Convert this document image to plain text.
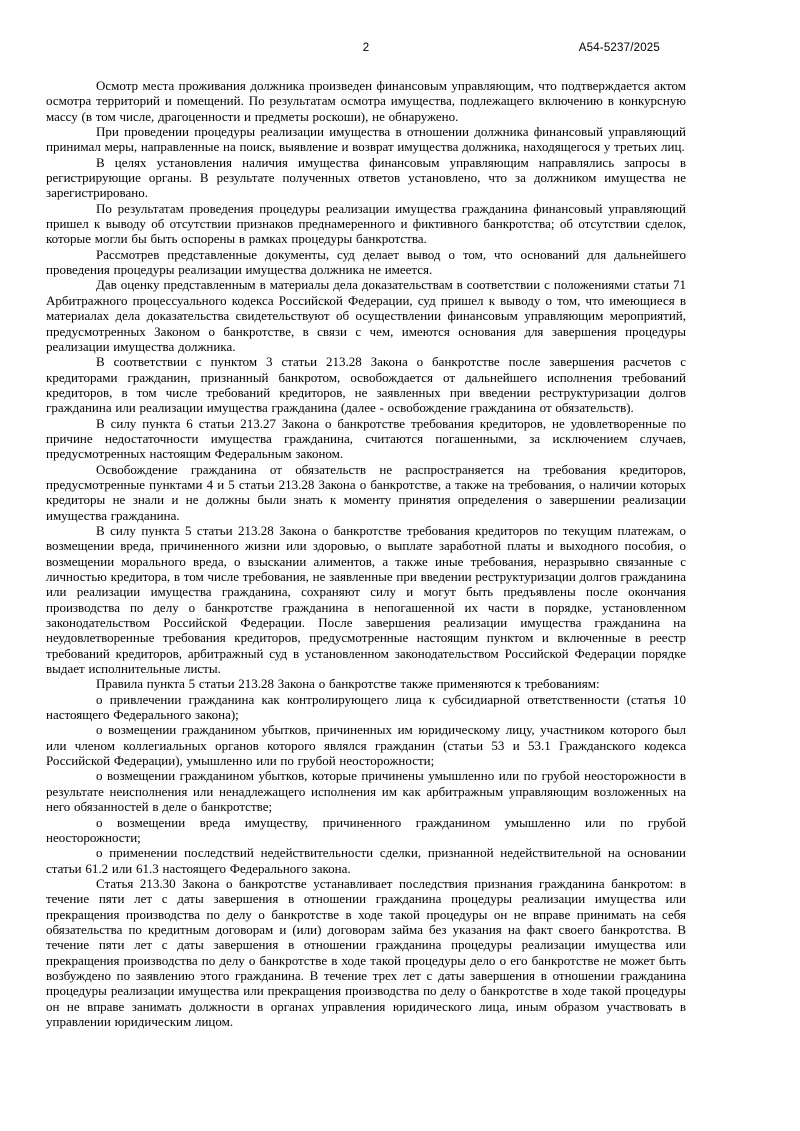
2	А54-5237/2025

Осмотр места проживания должника произведен финансовым управляющим, что подтверждается актом осмотра территорий и помещений. По результатам осмотра имущества, подлежащего включению в конкурсную массу (в том числе, драгоценности и предметы роскоши), не обнаружено.

При проведении процедуры реализации имущества в отношении должника финансовый управляющий принимал меры, направленные на поиск, выявление и возврат имущества должника, находящегося у третьих лиц.

В целях установления наличия имущества финансовым управляющим направлялись запросы в регистрирующие органы. В результате полученных ответов установлено, что за должником имущества не зарегистрировано.

По результатам проведения процедуры реализации имущества гражданина финансовый управляющий пришел к выводу об отсутствии признаков преднамеренного и фиктивного банкротства; об отсутствии сделок, которые могли бы быть оспорены в рамках процедуры банкротства.

Рассмотрев представленные документы, суд делает вывод о том, что оснований для дальнейшего проведения процедуры реализации имущества должника не имеется.

Дав оценку представленным в материалы дела доказательствам в соответствии с положениями статьи 71 Арбитражного процессуального кодекса Российской Федерации, суд пришел к выводу о том, что имеющиеся в материалах дела доказательства свидетельствуют об осуществлении финансовым управляющим мероприятий, предусмотренных Законом о банкротстве, в связи с чем, имеются основания для завершения процедуры реализации имущества должника.

В соответствии с пунктом 3 статьи 213.28 Закона о банкротстве после завершения расчетов с кредиторами гражданин, признанный банкротом, освобождается от дальнейшего исполнения требований кредиторов, в том числе требований кредиторов, не заявленных при введении реструктуризации долгов гражданина или реализации имущества гражданина (далее - освобождение гражданина от обязательств).

В силу пункта 6 статьи 213.27 Закона о банкротстве требования кредиторов, не удовлетворенные по причине недостаточности имущества гражданина, считаются погашенными, за исключением случаев, предусмотренных настоящим Федеральным законом.

Освобождение гражданина от обязательств не распространяется на требования кредиторов, предусмотренные пунктами 4 и 5 статьи 213.28 Закона о банкротстве, а также на требования, о наличии которых кредиторы не знали и не должны были знать к моменту принятия определения о завершении реализации имущества гражданина.

В силу пункта 5 статьи 213.28 Закона о банкротстве требования кредиторов по текущим платежам, о возмещении вреда, причиненного жизни или здоровью, о выплате заработной платы и выходного пособия, о возмещении морального вреда, о взыскании алиментов, а также иные требования, неразрывно связанные с личностью кредитора, в том числе требования, не заявленные при введении реструктуризации долгов гражданина или реализации имущества гражданина, сохраняют силу и могут быть предъявлены после окончания производства по делу о банкротстве гражданина в непогашенной их части в порядке, установленном законодательством Российской Федерации. После завершения реализации имущества гражданина на неудовлетворенные требования кредиторов, предусмотренные настоящим пунктом и включенные в реестр требований кредиторов, арбитражный суд в установленном законодательством Российской Федерации порядке выдает исполнительные листы.

Правила пункта 5 статьи 213.28 Закона о банкротстве также применяются к требованиям:

о привлечении гражданина как контролирующего лица к субсидиарной ответственности (статья 10 настоящего Федерального закона);

о возмещении гражданином убытков, причиненных им юридическому лицу, участником которого был или членом коллегиальных органов которого являлся гражданин (статьи 53 и 53.1 Гражданского кодекса Российской Федерации), умышленно или по грубой неосторожности;

о возмещении гражданином убытков, которые причинены умышленно или по грубой неосторожности в результате неисполнения или ненадлежащего исполнения им как арбитражным управляющим возложенных на него обязанностей в деле о банкротстве;

о возмещении вреда имуществу, причиненного гражданином умышленно или по грубой неосторожности;

о применении последствий недействительности сделки, признанной недействительной на основании статьи 61.2 или 61.3 настоящего Федерального закона.

Статья 213.30 Закона о банкротстве устанавливает последствия признания гражданина банкротом: в течение пяти лет с даты завершения в отношении гражданина процедуры реализации имущества или прекращения производства по делу о банкротстве в ходе такой процедуры он не вправе принимать на себя обязательства по кредитным договорам и (или) договорам займа без указания на факт своего банкротства. В течение пяти лет с даты завершения в отношении гражданина процедуры реализации имущества или прекращения производства по делу о банкротстве в ходе такой процедуры дело о его банкротстве не может быть возбуждено по заявлению этого гражданина. В течение трех лет с даты завершения в отношении гражданина процедуры реализации имущества или прекращения производства по делу о банкротстве в ходе такой процедуры он не вправе занимать должности в органах управления юридического лица, иным образом участвовать в управлении юридическим лицом.
